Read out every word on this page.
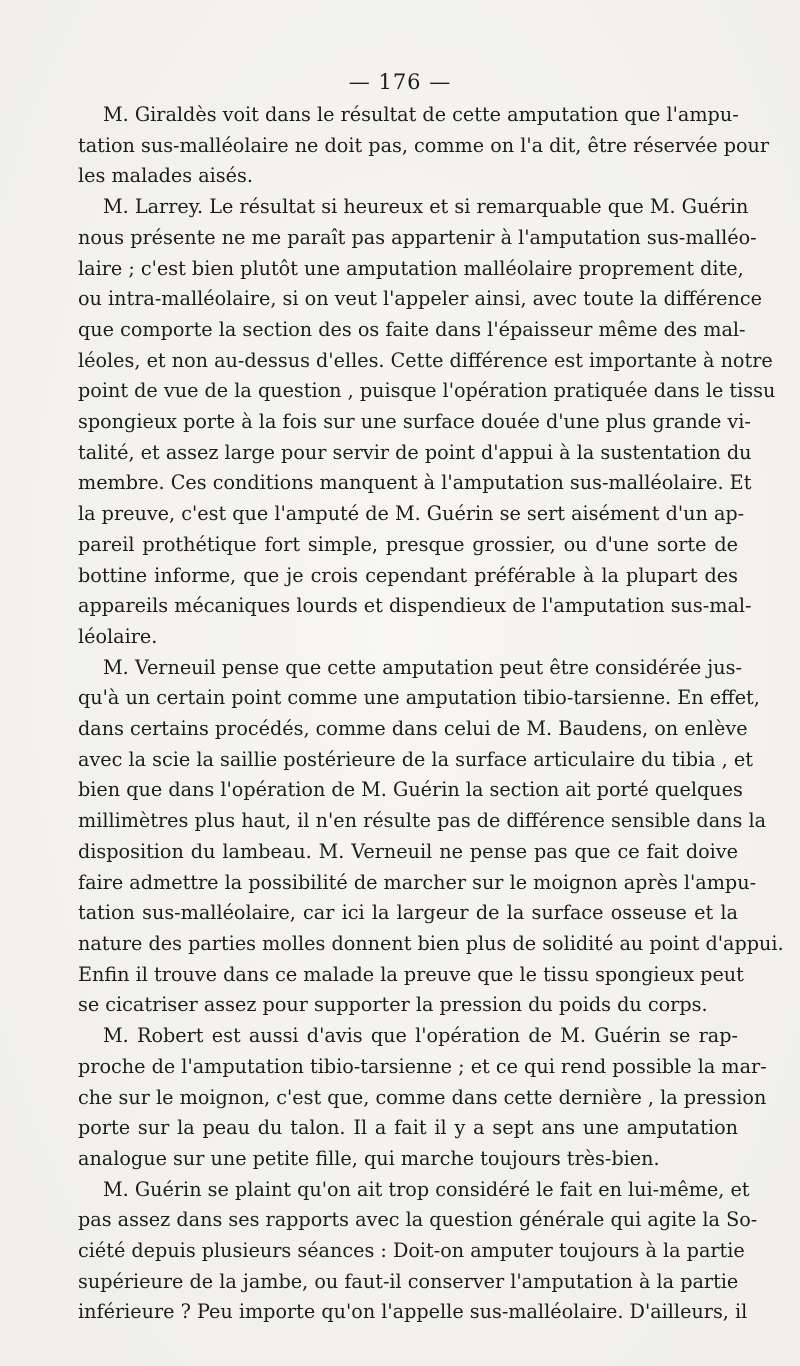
— 176 —
M. Giraldès voit dans le résultat de cette amputation que l'ampu-
tation sus-malléolaire ne doit pas, comme on l'a dit, être réservée pour
les malades aisés.
M. Larrey. Le résultat si heureux et si remarquable que M. Guérin
nous présente ne me paraît pas appartenir à l'amputation sus-malléo-
laire ; c'est bien plutôt une amputation malléolaire proprement dite,
ou intra-malléolaire, si on veut l'appeler ainsi, avec toute la différence
que comporte la section des os faite dans l'épaisseur même des mal-
léoles, et non au-dessus d'elles. Cette différence est importante à notre
point de vue de la question , puisque l'opération pratiquée dans le tissu
spongieux porte à la fois sur une surface douée d'une plus grande vi-
talité, et assez large pour servir de point d'appui à la sustentation du
membre. Ces conditions manquent à l'amputation sus-malléolaire. Et
la preuve, c'est que l'amputé de M. Guérin se sert aisément d'un ap-
pareil prothétique fort simple, presque grossier, ou d'une sorte de
bottine informe, que je crois cependant préférable à la plupart des
appareils mécaniques lourds et dispendieux de l'amputation sus-mal-
léolaire.
M. Verneuil pense que cette amputation peut être considérée jus-
qu'à un certain point comme une amputation tibio-tarsienne. En effet,
dans certains procédés, comme dans celui de M. Baudens, on enlève
avec la scie la saillie postérieure de la surface articulaire du tibia , et
bien que dans l'opération de M. Guérin la section ait porté quelques
millimètres plus haut, il n'en résulte pas de différence sensible dans la
disposition du lambeau. M. Verneuil ne pense pas que ce fait doive
faire admettre la possibilité de marcher sur le moignon après l'ampu-
tation sus-malléolaire, car ici la largeur de la surface osseuse et la
nature des parties molles donnent bien plus de solidité au point d'appui.
Enfin il trouve dans ce malade la preuve que le tissu spongieux peut
se cicatriser assez pour supporter la pression du poids du corps.
M. Robert est aussi d'avis que l'opération de M. Guérin se rap-
proche de l'amputation tibio-tarsienne ; et ce qui rend possible la mar-
che sur le moignon, c'est que, comme dans cette dernière , la pression
porte sur la peau du talon. Il a fait il y a sept ans une amputation
analogue sur une petite fille, qui marche toujours très-bien.
M. Guérin se plaint qu'on ait trop considéré le fait en lui-même, et
pas assez dans ses rapports avec la question générale qui agite la So-
ciété depuis plusieurs séances : Doit-on amputer toujours à la partie
supérieure de la jambe, ou faut-il conserver l'amputation à la partie
inférieure ? Peu importe qu'on l'appelle sus-malléolaire. D'ailleurs, il
